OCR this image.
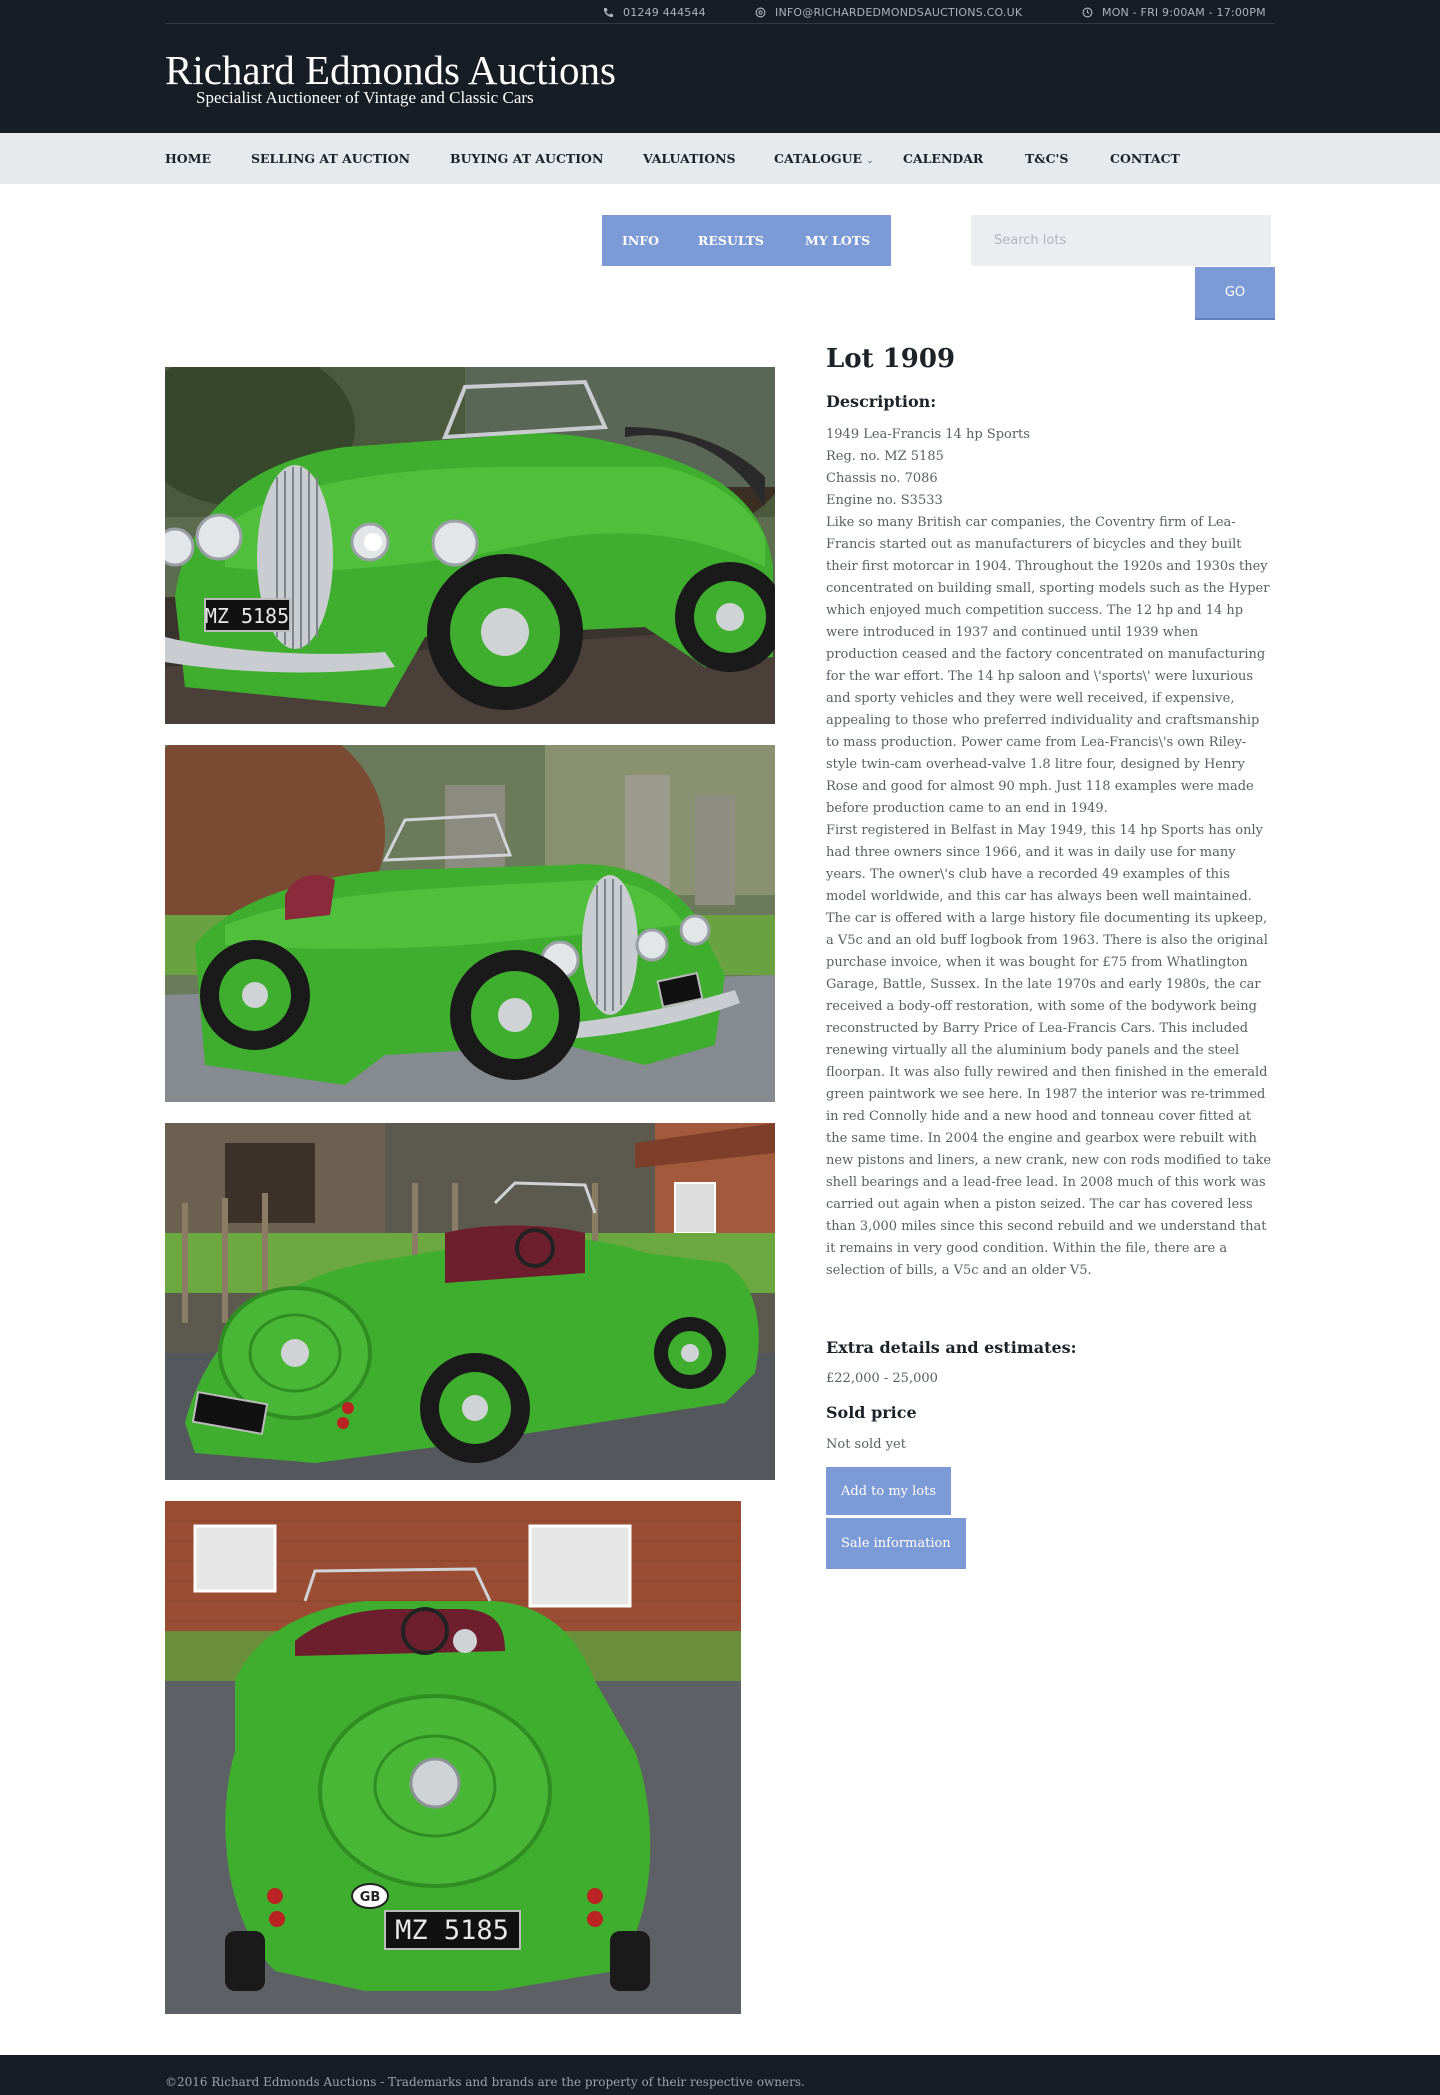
01249 444544	INFO@RICHARDEDMONDSAUCTIONS.CO.UK	MON - FRI 9:00AM - 17:00PM
Richard Edmonds Auctions
Specialist Auctioneer of Vintage and Classic Cars
HOME	SELLING AT AUCTION	BUYING AT AUCTION	VALUATIONS	CATALOGUE ⌄ CALENDAR	T&C'S	CONTACT
INFO	RESULTS	MY LOTS
Search lots
GO
MZ 5185
GB
MZ 5185
Lot 1909
Description:

1949 Lea-Francis 14 hp Sports

Reg. no. MZ 5185

Chassis no. 7086

Engine no. S3533

Like so many British car companies, the Coventry firm of Lea-Francis started out as manufacturers of bicycles and they built their first motorcar in 1904. Throughout the 1920s and 1930s they concentrated on building small, sporting models such as the Hyper which enjoyed much competition success. The 12 hp and 14 hp were introduced in 1937 and continued until 1939 when production ceased and the factory concentrated on manufacturing for the war effort. The 14 hp saloon and \'sports\' were luxurious and sporty vehicles and they were well received, if expensive, appealing to those who preferred individuality and craftsmanship to mass production. Power came from Lea-Francis\'s own Riley-style twin-cam overhead-valve 1.8 litre four, designed by Henry Rose and good for almost 90 mph. Just 118 examples were made before production came to an end in 1949.

First registered in Belfast in May 1949, this 14 hp Sports has only had three owners since 1966, and it was in daily use for many years. The owner\'s club have a recorded 49 examples of this model worldwide, and this car has always been well maintained. The car is offered with a large history file documenting its upkeep, a V5c and an old buff logbook from 1963. There is also the original purchase invoice, when it was bought for £75 from Whatlington Garage, Battle, Sussex. In the late 1970s and early 1980s, the car received a body-off restoration, with some of the bodywork being reconstructed by Barry Price of Lea-Francis Cars. This included renewing virtually all the aluminium body panels and the steel floorpan. It was also fully rewired and then finished in the emerald green paintwork we see here. In 1987 the interior was re-trimmed in red Connolly hide and a new hood and tonneau cover fitted at the same time. In 2004 the engine and gearbox were rebuilt with new pistons and liners, a new crank, new con rods modified to take shell bearings and a lead-free lead. In 2008 much of this work was carried out again when a piston seized. The car has covered less than 3,000 miles since this second rebuild and we understand that it remains in very good condition. Within the file, there are a selection of bills, a V5c and an older V5.

Extra details and estimates:
£22,000 - 25,000
Sold price
Not sold yet
Add to my lots
Sale information
©2016 Richard Edmonds Auctions - Trademarks and brands are the property of their respective owners.
